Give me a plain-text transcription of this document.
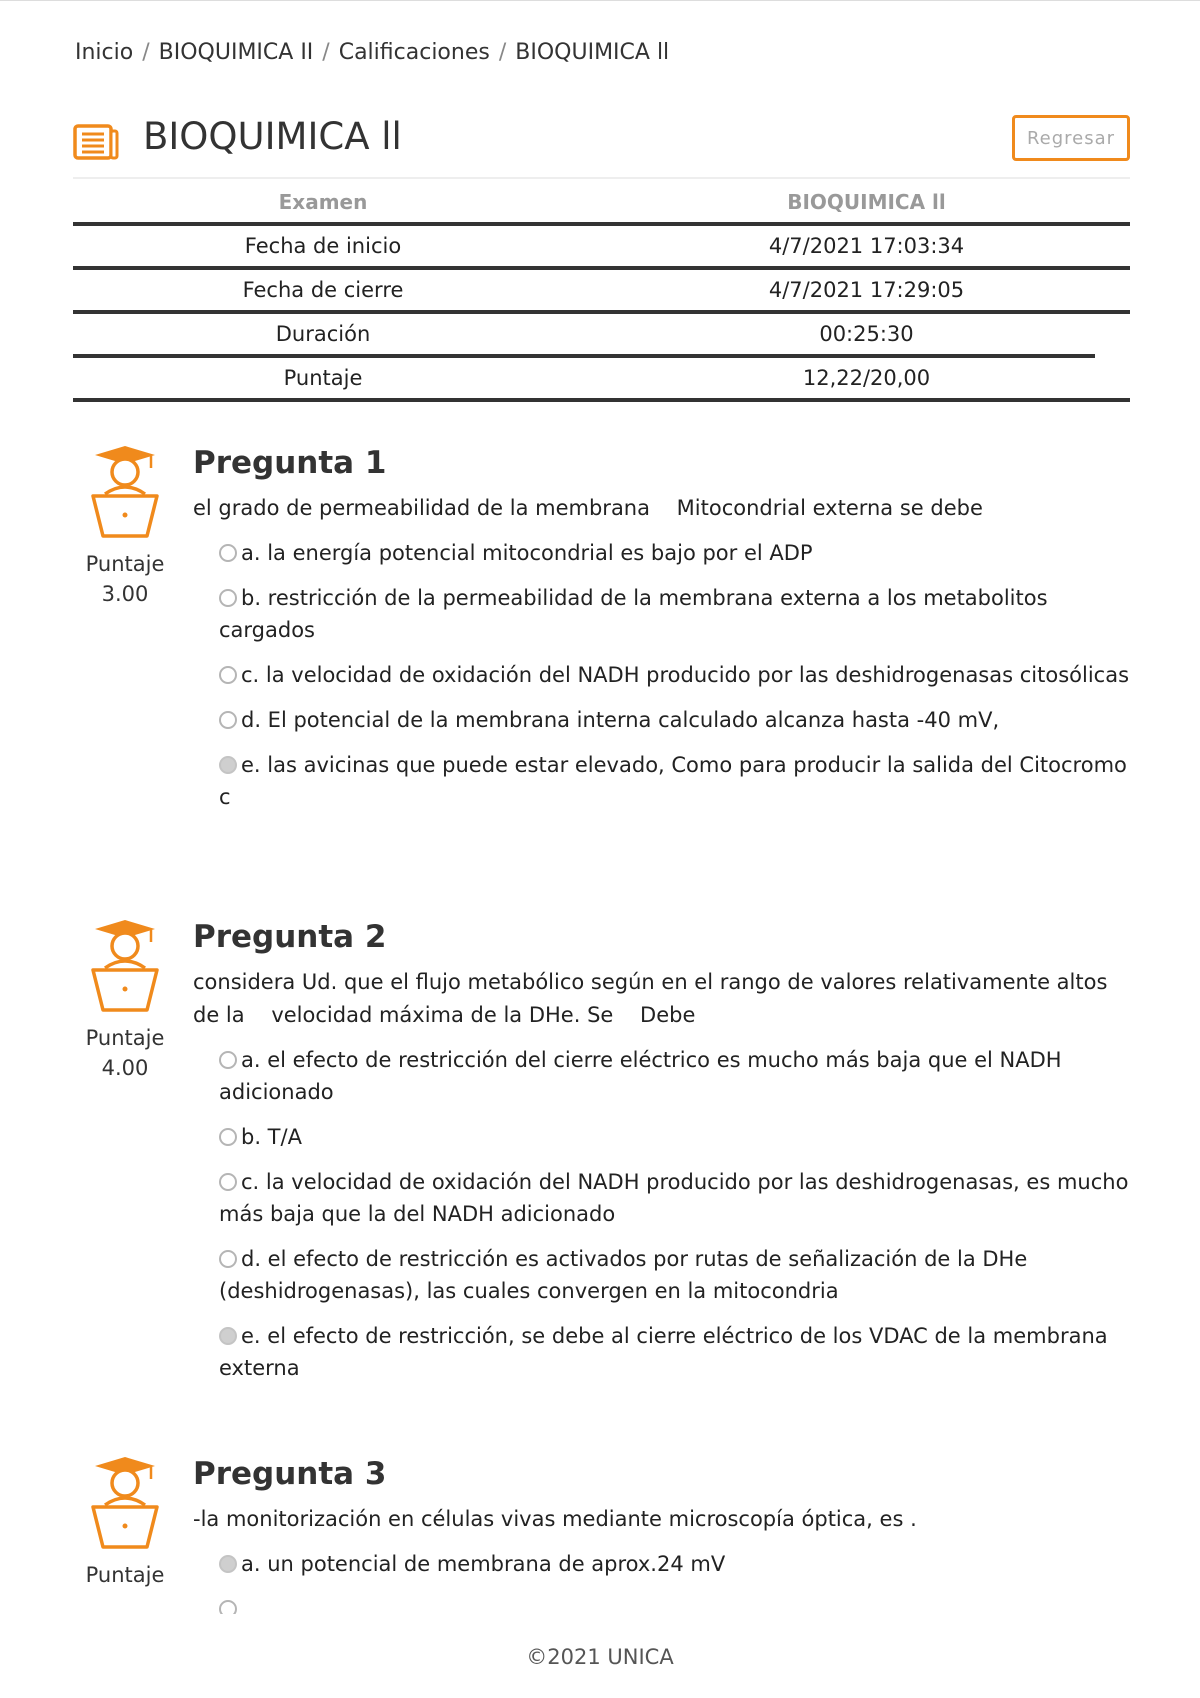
Inicio / BIOQUIMICA II / Calificaciones / BIOQUIMICA ll
BIOQUIMICA ll	Regresar
Examen	BIOQUIMICA ll
Fecha de inicio	4/7/2021 17:03:34
Fecha de cierre	4/7/2021 17:29:05
Duración	00:25:30
Puntaje	12,22/20,00
Puntaje
3.00
Pregunta 1
el grado de permeabilidad de la membrana    Mitocondrial externa se debe
a. la energía potencial mitocondrial es bajo por el ADP
b. restricción de la permeabilidad de la membrana externa a los metabolitos cargados
c. la velocidad de oxidación del NADH producido por las deshidrogenasas citosólicas
d. El potencial de la membrana interna calculado alcanza hasta -40 mV,
e. las avicinas que puede estar elevado, Como para producir la salida del Citocromo c
Puntaje
4.00
Pregunta 2
considera Ud. que el flujo metabólico según en el rango de valores relativamente altos de la    velocidad máxima de la DHe. Se    Debe
a. el efecto de restricción del cierre eléctrico es mucho más baja que el NADH adicionado
b. T/A
c. la velocidad de oxidación del NADH producido por las deshidrogenasas, es mucho más baja que la del NADH adicionado
d. el efecto de restricción es activados por rutas de señalización de la DHe (deshidrogenasas), las cuales convergen en la mitocondria
e. el efecto de restricción, se debe al cierre eléctrico de los VDAC de la membrana externa
Puntaje
Pregunta 3
-la monitorización en células vivas mediante microscopía óptica, es .
a. un potencial de membrana de aprox.24 mV
©2021 UNICA
